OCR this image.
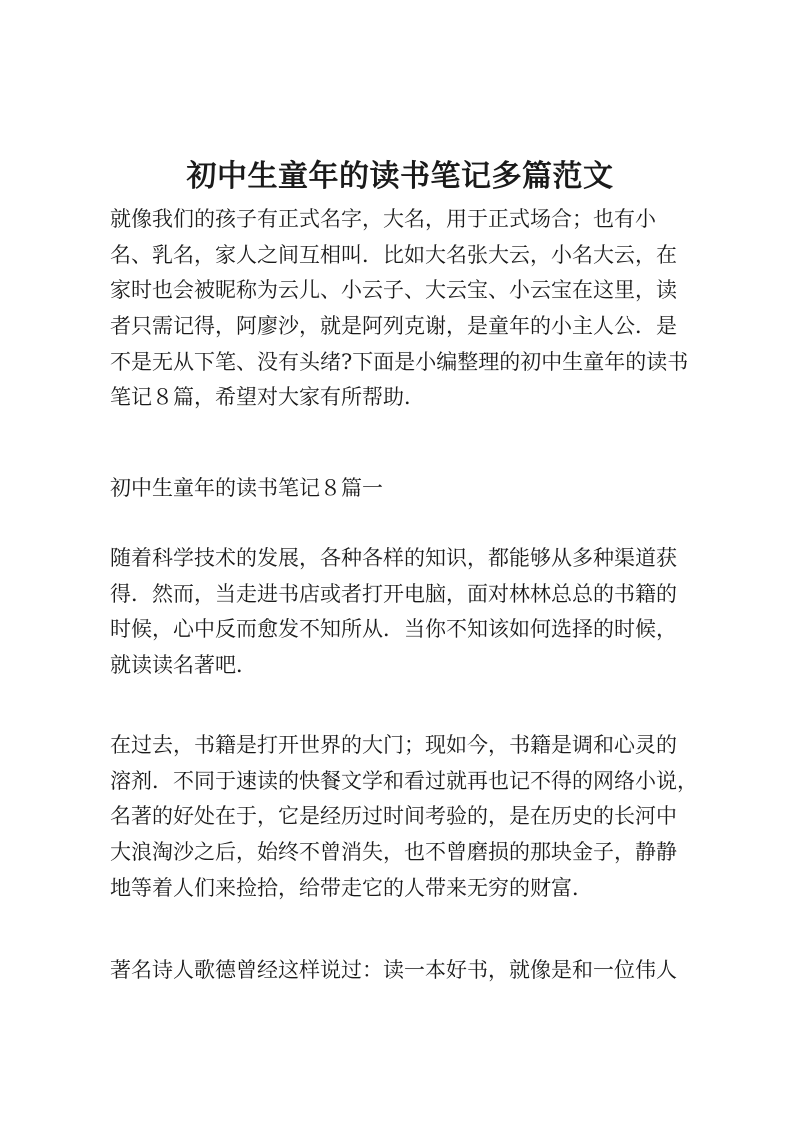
初中生童年的读书笔记多篇范文
就像我们的孩子有正式名字，大名，用于正式场合；也有小
名、乳名，家人之间互相叫．比如大名张大云，小名大云，在
家时也会被昵称为云儿、小云子、大云宝、小云宝在这里，读
者只需记得，阿廖沙，就是阿列克谢，是童年的小主人公．是
不是无从下笔、没有头绪?下面是小编整理的初中生童年的读书
笔记８篇，希望对大家有所帮助．
初中生童年的读书笔记８篇一
随着科学技术的发展，各种各样的知识，都能够从多种渠道获
得．然而，当走进书店或者打开电脑，面对林林总总的书籍的
时候，心中反而愈发不知所从．当你不知该如何选择的时候，
就读读名著吧．
在过去，书籍是打开世界的大门；现如今，书籍是调和心灵的
溶剂．不同于速读的快餐文学和看过就再也记不得的网络小说，
名著的好处在于，它是经历过时间考验的，是在历史的长河中
大浪淘沙之后，始终不曾消失，也不曾磨损的那块金子，静静
地等着人们来捡拾，给带走它的人带来无穷的财富．
著名诗人歌德曾经这样说过：读一本好书，就像是和一位伟人
